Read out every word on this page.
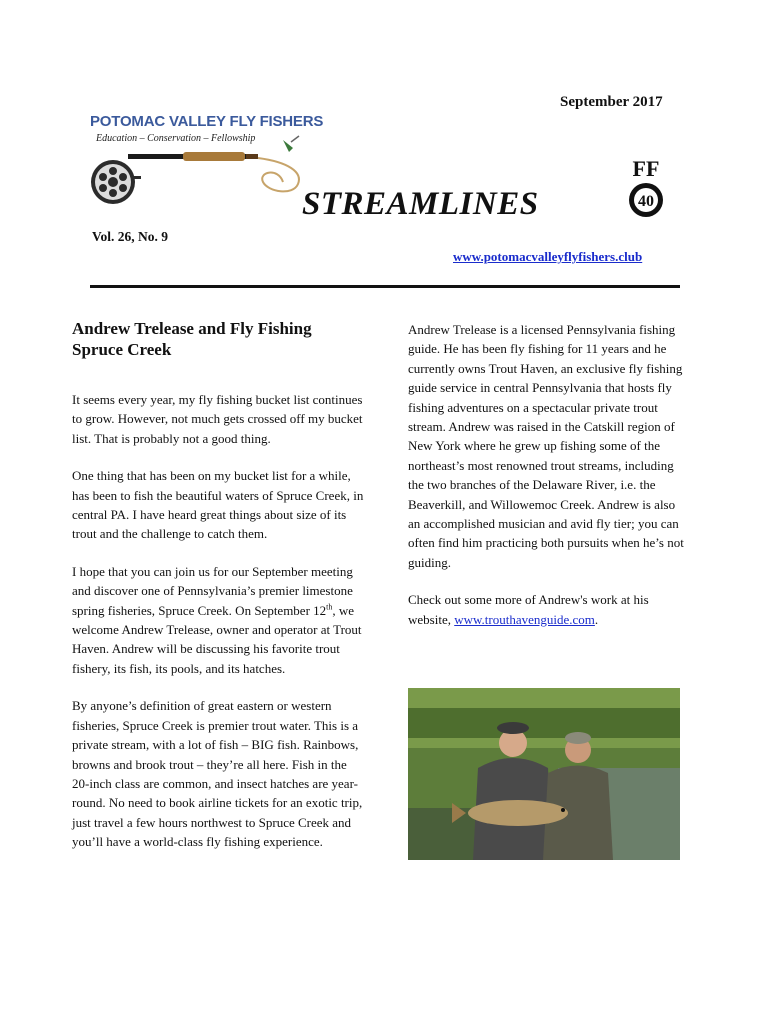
September 2017
POTOMAC VALLEY FLY FISHERS
Education – Conservation – Fellowship
STREAMLINES
FF
40
Vol. 26, No. 9
www.potomacvalleyflyfishers.club
Andrew Trelease and Fly Fishing Spruce Creek

It seems every year, my fly fishing bucket list continues to grow. However, not much gets crossed off my bucket list. That is probably not a good thing.

One thing that has been on my bucket list for a while, has been to fish the beautiful waters of Spruce Creek, in central PA. I have heard great things about size of its trout and the challenge to catch them.

I hope that you can join us for our September meeting and discover one of Pennsylvania’s premier limestone spring fisheries, Spruce Creek. On September 12th, we welcome Andrew Trelease, owner and operator at Trout Haven. Andrew will be discussing his favorite trout fishery, its fish, its pools, and its hatches.

By anyone’s definition of great eastern or western fisheries, Spruce Creek is premier trout water. This is a private stream, with a lot of fish – BIG fish. Rainbows, browns and brook trout – they’re all here. Fish in the 20-inch class are common, and insect hatches are year-round. No need to book airline tickets for an exotic trip, just travel a few hours northwest to Spruce Creek and you’ll have a world-class fly fishing experience.

Andrew Trelease is a licensed Pennsylvania fishing guide. He has been fly fishing for 11 years and he currently owns Trout Haven, an exclusive fly fishing guide service in central Pennsylvania that hosts fly fishing adventures on a spectacular private trout stream. Andrew was raised in the Catskill region of New York where he grew up fishing some of the northeast’s most renowned trout streams, including the two branches of the Delaware River, i.e. the Beaverkill, and Willowemoc Creek. Andrew is also an accomplished musician and avid fly tier; you can often find him practicing both pursuits when he’s not guiding.

Check out some more of Andrew's work at his website, www.trouthavenguide.com.
